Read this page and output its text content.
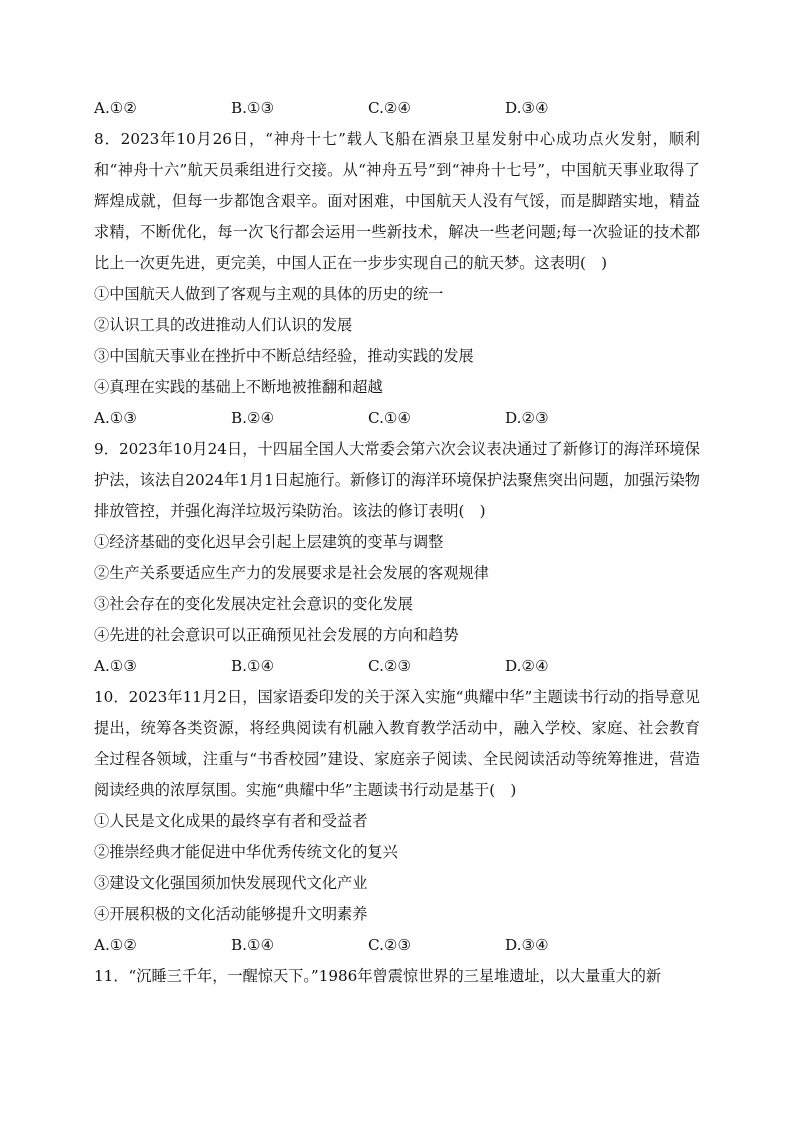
A.①②	B.①③	C.②④	D.③④
8．2023年10月26日，“神舟十七”载人飞船在酒泉卫星发射中心成功点火发射，顺利和“神舟十六”航天员乘组进行交接。从“神舟五号”到“神舟十七号”，中国航天事业取得了辉煌成就，但每一步都饱含艰辛。面对困难，中国航天人没有气馁，而是脚踏实地，精益求精，不断优化，每一次飞行都会运用一些新技术，解决一些老问题;每一次验证的技术都比上一次更先进，更完美，中国人正在一步步实现自己的航天梦。这表明(　)
①中国航天人做到了客观与主观的具体的历史的统一
②认识工具的改进推动人们认识的发展
③中国航天事业在挫折中不断总结经验，推动实践的发展
④真理在实践的基础上不断地被推翻和超越
A.①③	B.②④	C.①④	D.②③
9．2023年10月24日，十四届全国人大常委会第六次会议表决通过了新修订的海洋环境保护法，该法自2024年1月1日起施行。新修订的海洋环境保护法聚焦突出问题，加强污染物排放管控，并强化海洋垃圾污染防治。该法的修订表明(　)
①经济基础的变化迟早会引起上层建筑的变革与调整
②生产关系要适应生产力的发展要求是社会发展的客观规律
③社会存在的变化发展决定社会意识的变化发展
④先进的社会意识可以正确预见社会发展的方向和趋势
A.①③	B.①④	C.②③	D.②④
10．2023年11月2日，国家语委印发的关于深入实施“典耀中华”主题读书行动的指导意见提出，统筹各类资源，将经典阅读有机融入教育教学活动中，融入学校、家庭、社会教育全过程各领域，注重与“书香校园”建设、家庭亲子阅读、全民阅读活动等统筹推进，营造阅读经典的浓厚氛围。实施“典耀中华”主题读书行动是基于(　)
①人民是文化成果的最终享有者和受益者
②推崇经典才能促进中华优秀传统文化的复兴
③建设文化强国须加快发展现代文化产业
④开展积极的文化活动能够提升文明素养
A.①②	B.①④	C.②③	D.③④
11．“沉睡三千年，一醒惊天下。”1986年曾震惊世界的三星堆遗址，以大量重大的新
